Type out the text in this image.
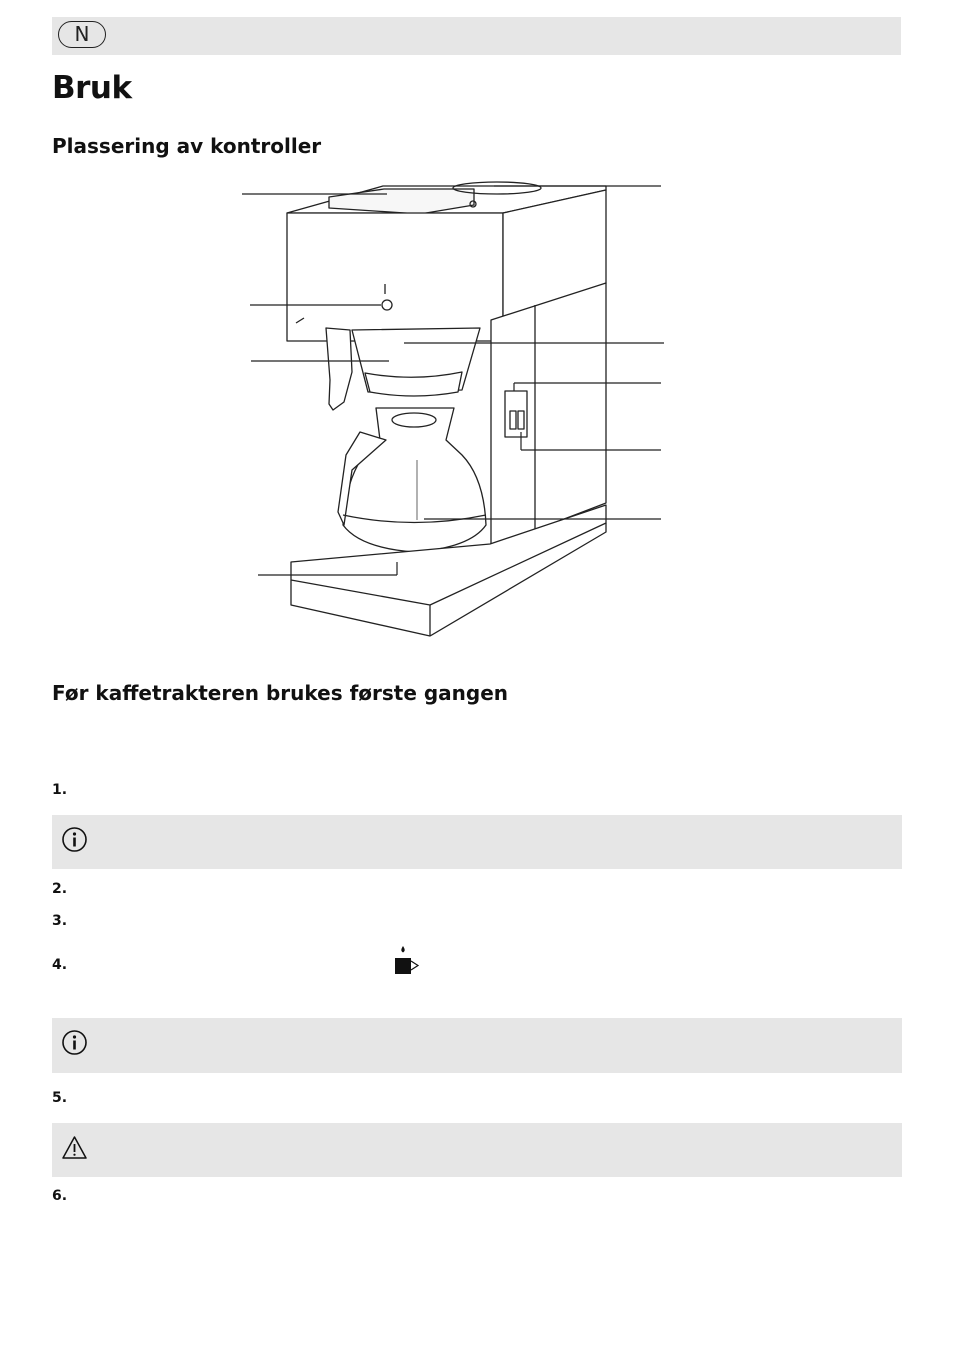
N
Bruk
Plassering av kontroller
Før kaffetrakteren brukes første gangen
1.
2.
3.
4.
5.
6.
